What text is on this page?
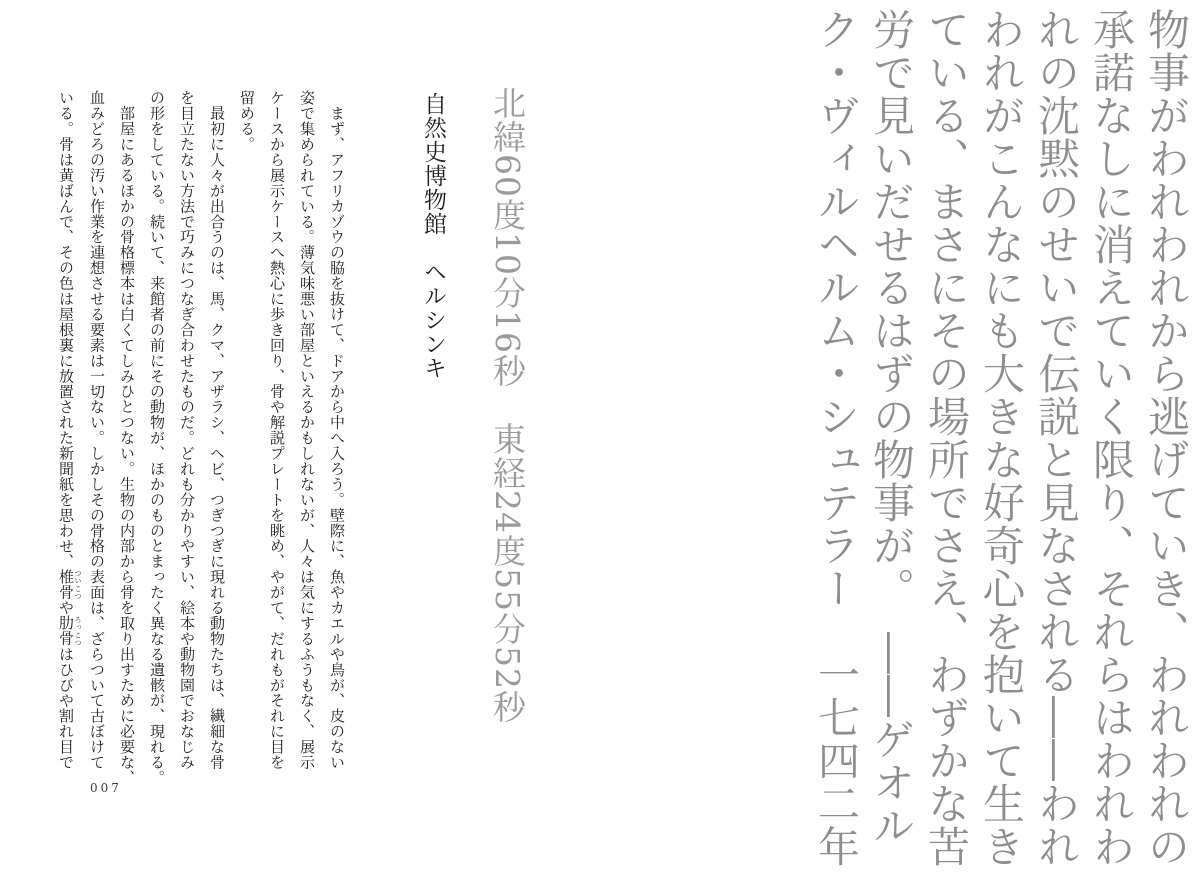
物事がわれわれから逃げていき、われわれの
承諾なしに消えていく限り、それらはわれわ
れの沈黙のせいで伝説と見なされる――われ
われがこんなにも大きな好奇心を抱いて生き
ている、まさにその場所でさえ、わずかな苦
労で見いだせるはずの物事が。　――ゲオル
ク・ヴィルヘルム・シュテラー　一七四二年
北緯60度10分16秒　東経24度55分52秒
自然史博物館　ヘルシンキ
　まず、アフリカゾウの脇を抜けて、ドアから中へ入ろう。壁際に、魚やカエルや鳥が、皮のない
姿で集められている。薄気味悪い部屋といえるかもしれないが、人々は気にするふうもなく、展示
ケースから展示ケースへ熱心に歩き回り、骨や解説プレートを眺め、やがて、だれもがそれに目を
留める。
　最初に人々が出合うのは、馬、クマ、アザラシ、ヘビ、つぎつぎに現れる動物たちは、繊細な骨
を目立たない方法で巧みにつなぎ合わせたものだ。どれも分かりやすい、絵本や動物園でおなじみ
の形をしている。続いて、来館者の前にその動物が、ほかのものとまったく異なる遺骸が、現れる。
　部屋にあるほかの骨格標本は白くてしみひとつない。生物の内部から骨を取り出すために必要な、
血みどろの汚い作業を連想させる要素は一切ない。しかしその骨格の表面は、ざらついて古ぼけて
いる。骨は黄ばんで、その色は屋根裏に放置された新聞紙を思わせ、椎骨 ついこつや肋骨 ろっこつはひびや割れ目で
007
